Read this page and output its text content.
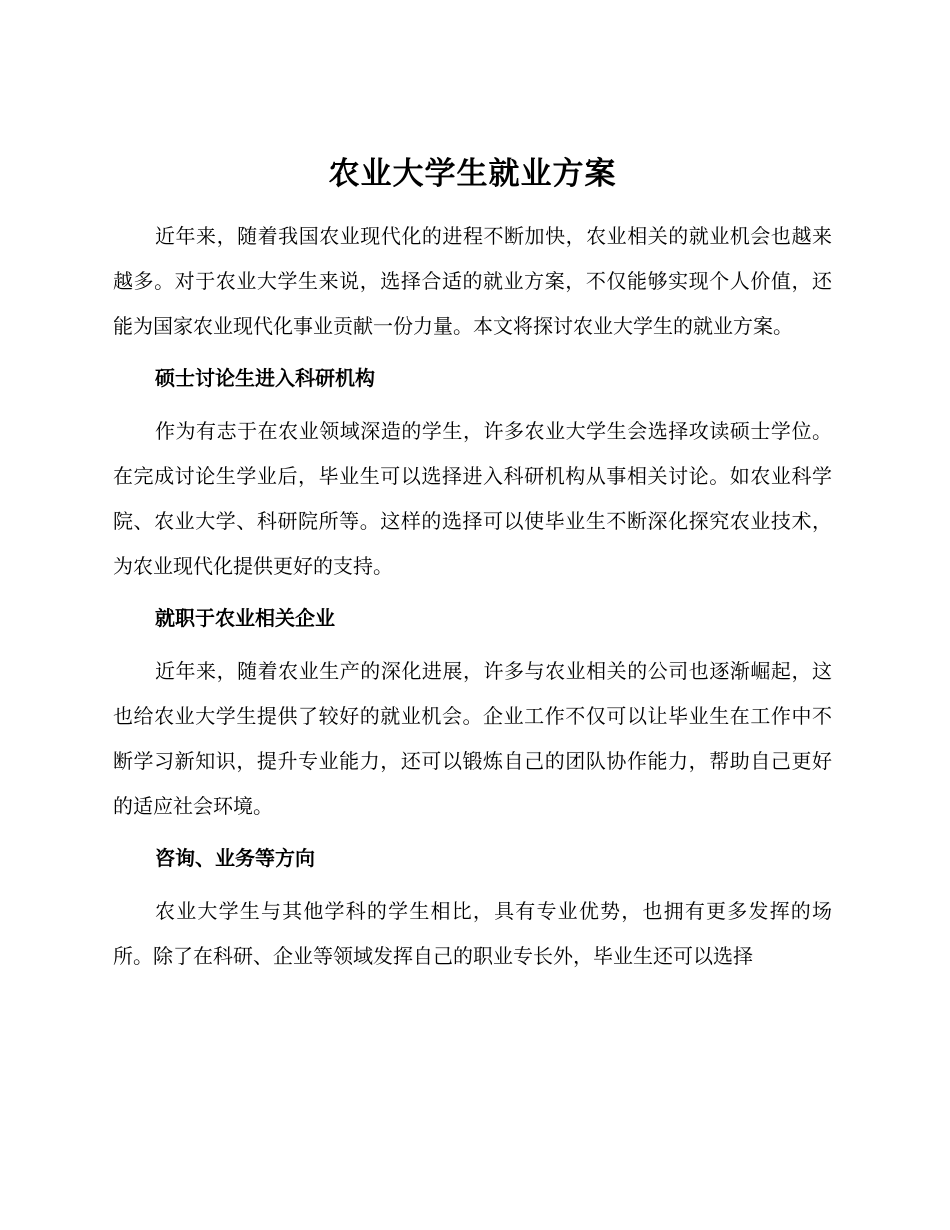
农业大学生就业方案

近年来，随着我国农业现代化的进程不断加快，农业相关的就业机会也越来越多。对于农业大学生来说，选择合适的就业方案，不仅能够实现个人价值，还能为国家农业现代化事业贡献一份力量。本文将探讨农业大学生的就业方案。

硕士讨论生进入科研机构

作为有志于在农业领域深造的学生，许多农业大学生会选择攻读硕士学位。在完成讨论生学业后，毕业生可以选择进入科研机构从事相关讨论。如农业科学院、农业大学、科研院所等。这样的选择可以使毕业生不断深化探究农业技术，为农业现代化提供更好的支持。

就职于农业相关企业

近年来，随着农业生产的深化进展，许多与农业相关的公司也逐渐崛起，这也给农业大学生提供了较好的就业机会。企业工作不仅可以让毕业生在工作中不断学习新知识，提升专业能力，还可以锻炼自己的团队协作能力，帮助自己更好的适应社会环境。

咨询、业务等方向

农业大学生与其他学科的学生相比，具有专业优势，也拥有更多发挥的场所。除了在科研、企业等领域发挥自己的职业专长外，毕业生还可以选择
